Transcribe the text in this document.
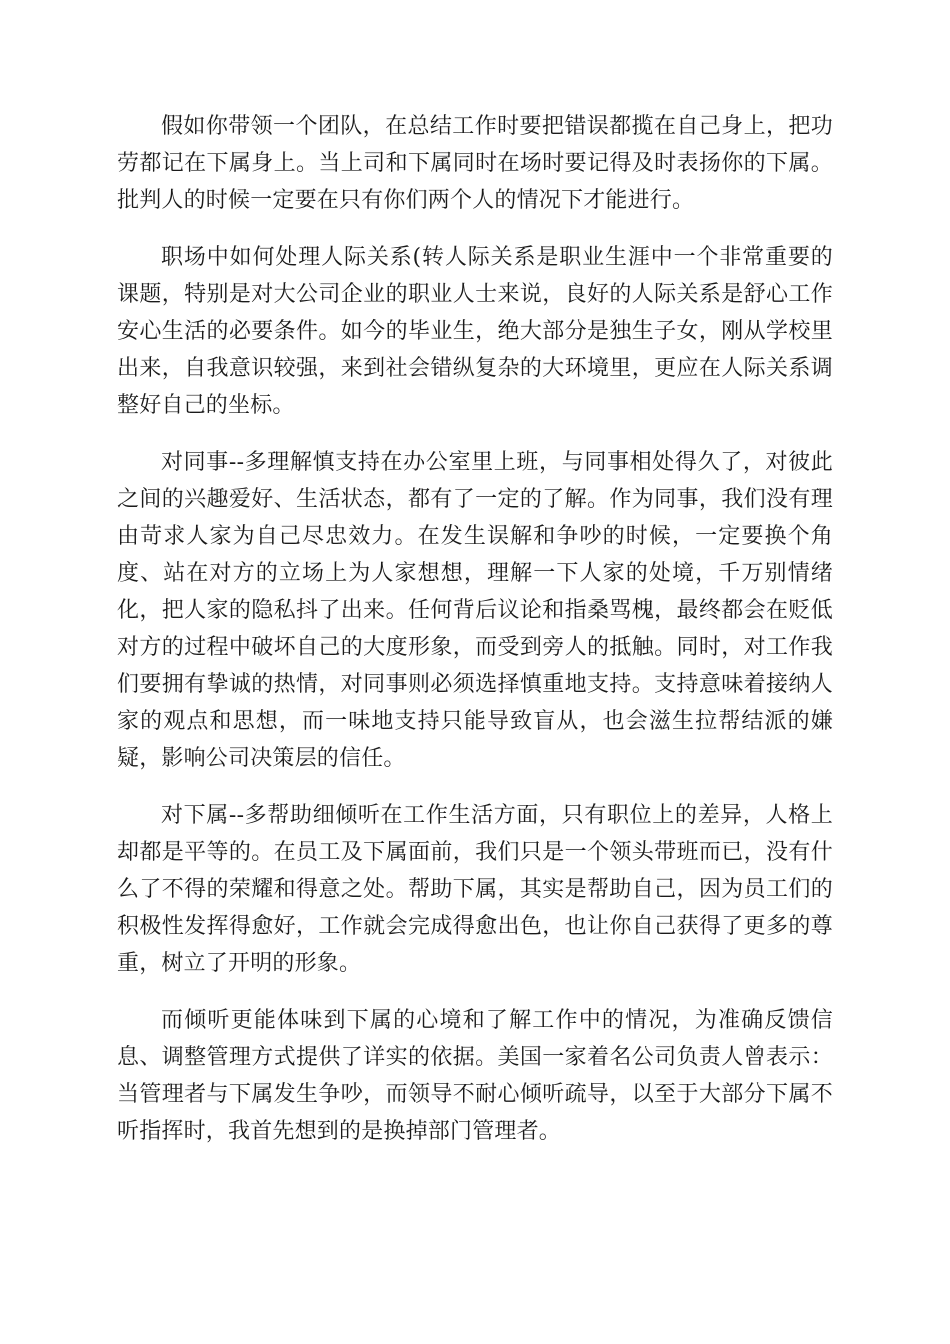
假如你带领一个团队，在总结工作时要把错误都揽在自己身上，把功劳都记在下属身上。当上司和下属同时在场时要记得及时表扬你的下属。批判人的时候一定要在只有你们两个人的情况下才能进行。

职场中如何处理人际关系(转人际关系是职业生涯中一个非常重要的课题，特别是对大公司企业的职业人士来说，良好的人际关系是舒心工作安心生活的必要条件。如今的毕业生，绝大部分是独生子女，刚从学校里出来，自我意识较强，来到社会错纵复杂的大环境里，更应在人际关系调整好自己的坐标。

对同事--多理解慎支持在办公室里上班，与同事相处得久了，对彼此之间的兴趣爱好、生活状态，都有了一定的了解。作为同事，我们没有理由苛求人家为自己尽忠效力。在发生误解和争吵的时候，一定要换个角度、站在对方的立场上为人家想想，理解一下人家的处境，千万别情绪化，把人家的隐私抖了出来。任何背后议论和指桑骂槐，最终都会在贬低对方的过程中破坏自己的大度形象，而受到旁人的抵触。同时，对工作我们要拥有挚诚的热情，对同事则必须选择慎重地支持。支持意味着接纳人家的观点和思想，而一味地支持只能导致盲从，也会滋生拉帮结派的嫌疑，影响公司决策层的信任。

对下属--多帮助细倾听在工作生活方面，只有职位上的差异，人格上却都是平等的。在员工及下属面前，我们只是一个领头带班而已，没有什么了不得的荣耀和得意之处。帮助下属，其实是帮助自己，因为员工们的积极性发挥得愈好，工作就会完成得愈出色，也让你自己获得了更多的尊重，树立了开明的形象。

而倾听更能体味到下属的心境和了解工作中的情况，为准确反馈信息、调整管理方式提供了详实的依据。美国一家着名公司负责人曾表示：当管理者与下属发生争吵，而领导不耐心倾听疏导，以至于大部分下属不听指挥时，我首先想到的是换掉部门管理者。
